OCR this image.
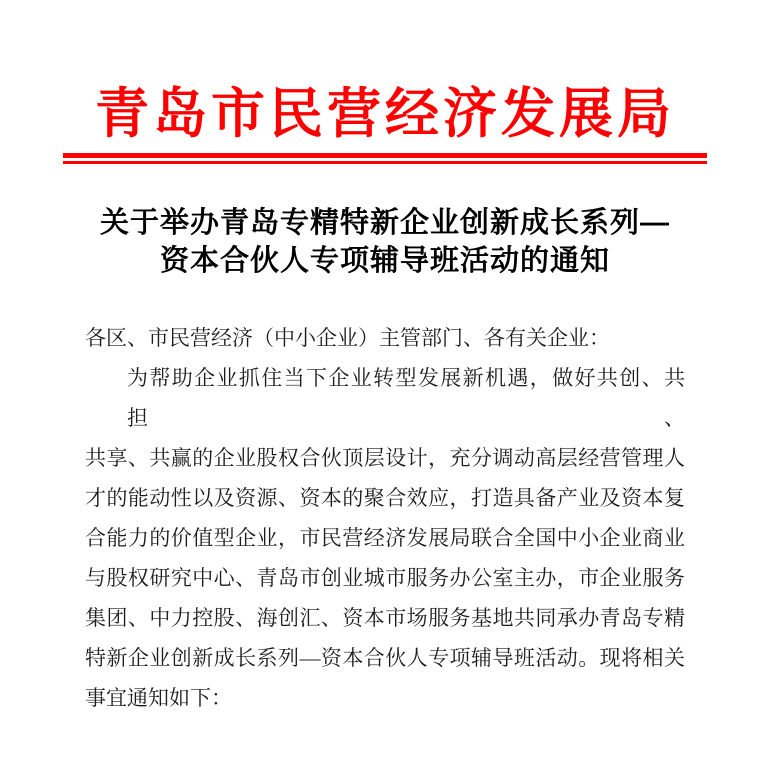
青岛市民营经济发展局
关于举办青岛专精特新企业创新成长系列—
资本合伙人专项辅导班活动的通知
各区、市民营经济（中小企业）主管部门、各有关企业：
为帮助企业抓住当下企业转型发展新机遇，做好共创、共担、
共享、共赢的企业股权合伙顶层设计，充分调动高层经营管理人
才的能动性以及资源、资本的聚合效应，打造具备产业及资本复
合能力的价值型企业，市民营经济发展局联合全国中小企业商业
与股权研究中心、青岛市创业城市服务办公室主办，市企业服务
集团、中力控股、海创汇、资本市场服务基地共同承办青岛专精
特新企业创新成长系列—资本合伙人专项辅导班活动。现将相关
事宜通知如下：
